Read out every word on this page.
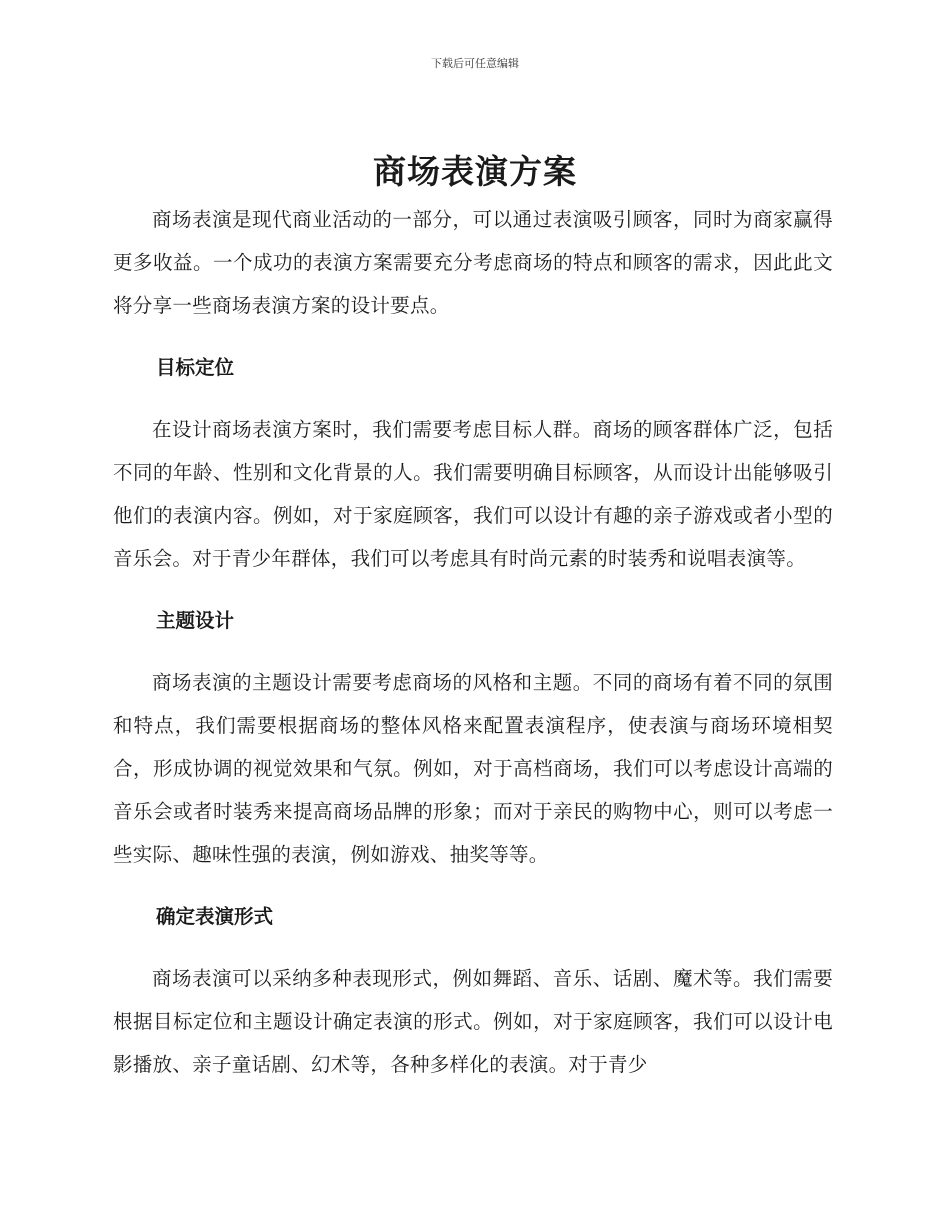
下载后可任意编辑
商场表演方案

商场表演是现代商业活动的一部分，可以通过表演吸引顾客，同时为商家赢得更多收益。一个成功的表演方案需要充分考虑商场的特点和顾客的需求，因此此文将分享一些商场表演方案的设计要点。

目标定位

在设计商场表演方案时，我们需要考虑目标人群。商场的顾客群体广泛，包括不同的年龄、性别和文化背景的人。我们需要明确目标顾客，从而设计出能够吸引他们的表演内容。例如，对于家庭顾客，我们可以设计有趣的亲子游戏或者小型的音乐会。对于青少年群体，我们可以考虑具有时尚元素的时装秀和说唱表演等。

主题设计

商场表演的主题设计需要考虑商场的风格和主题。不同的商场有着不同的氛围和特点，我们需要根据商场的整体风格来配置表演程序，使表演与商场环境相契合，形成协调的视觉效果和气氛。例如，对于高档商场，我们可以考虑设计高端的音乐会或者时装秀来提高商场品牌的形象；而对于亲民的购物中心，则可以考虑一些实际、趣味性强的表演，例如游戏、抽奖等等。

确定表演形式

商场表演可以采纳多种表现形式，例如舞蹈、音乐、话剧、魔术等。我们需要根据目标定位和主题设计确定表演的形式。例如，对于家庭顾客，我们可以设计电影播放、亲子童话剧、幻术等，各种多样化的表演。对于青少
